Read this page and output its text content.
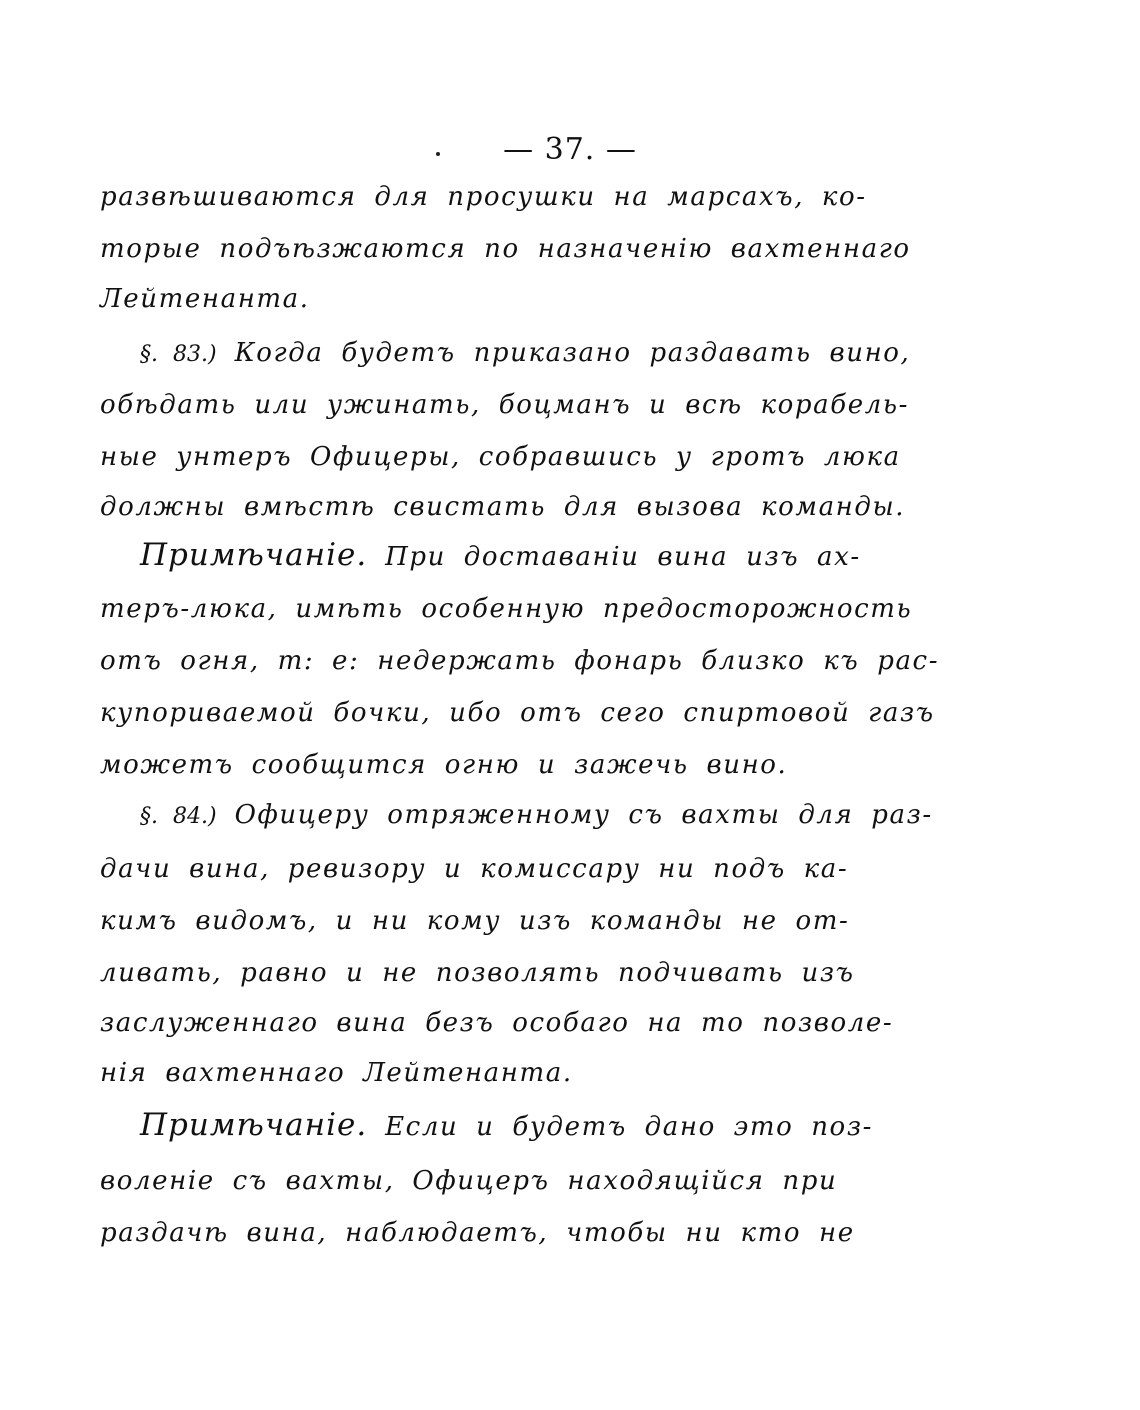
— 37. —
развѣшиваются для просушки на марсахъ, ко-
торые подъѣзжаются по назначенію вахтеннаго
Лейтенанта.
§. 83.) Когда будетъ приказано раздавать вино,
обѣдать или ужинать, боцманъ и всѣ корабель-
ные унтеръ Офицеры, собравшись у гротъ люка
должны вмѣстѣ свистать для вызова команды.
Примѣчаніе. При доставаніи вина изъ ах-
теръ-люка, имѣть особенную предосторожность
отъ огня, т: е: недержать фонарь близко къ рас-
купориваемой бочки, ибо отъ сего спиртовой газъ
можетъ сообщится огню и зажечь вино.
§. 84.) Офицеру отряженному съ вахты для раз-
дачи вина, ревизору и комиссару ни подъ ка-
кимъ видомъ, и ни кому изъ команды не от-
ливать, равно и не позволять подчивать изъ
заслуженнаго вина безъ особаго на то позволе-
нія вахтеннаго Лейтенанта.
Примѣчаніе. Если и будетъ дано это поз-
воленіе съ вахты, Офицеръ находящійся при
раздачѣ вина, наблюдаетъ, чтобы ни кто не
